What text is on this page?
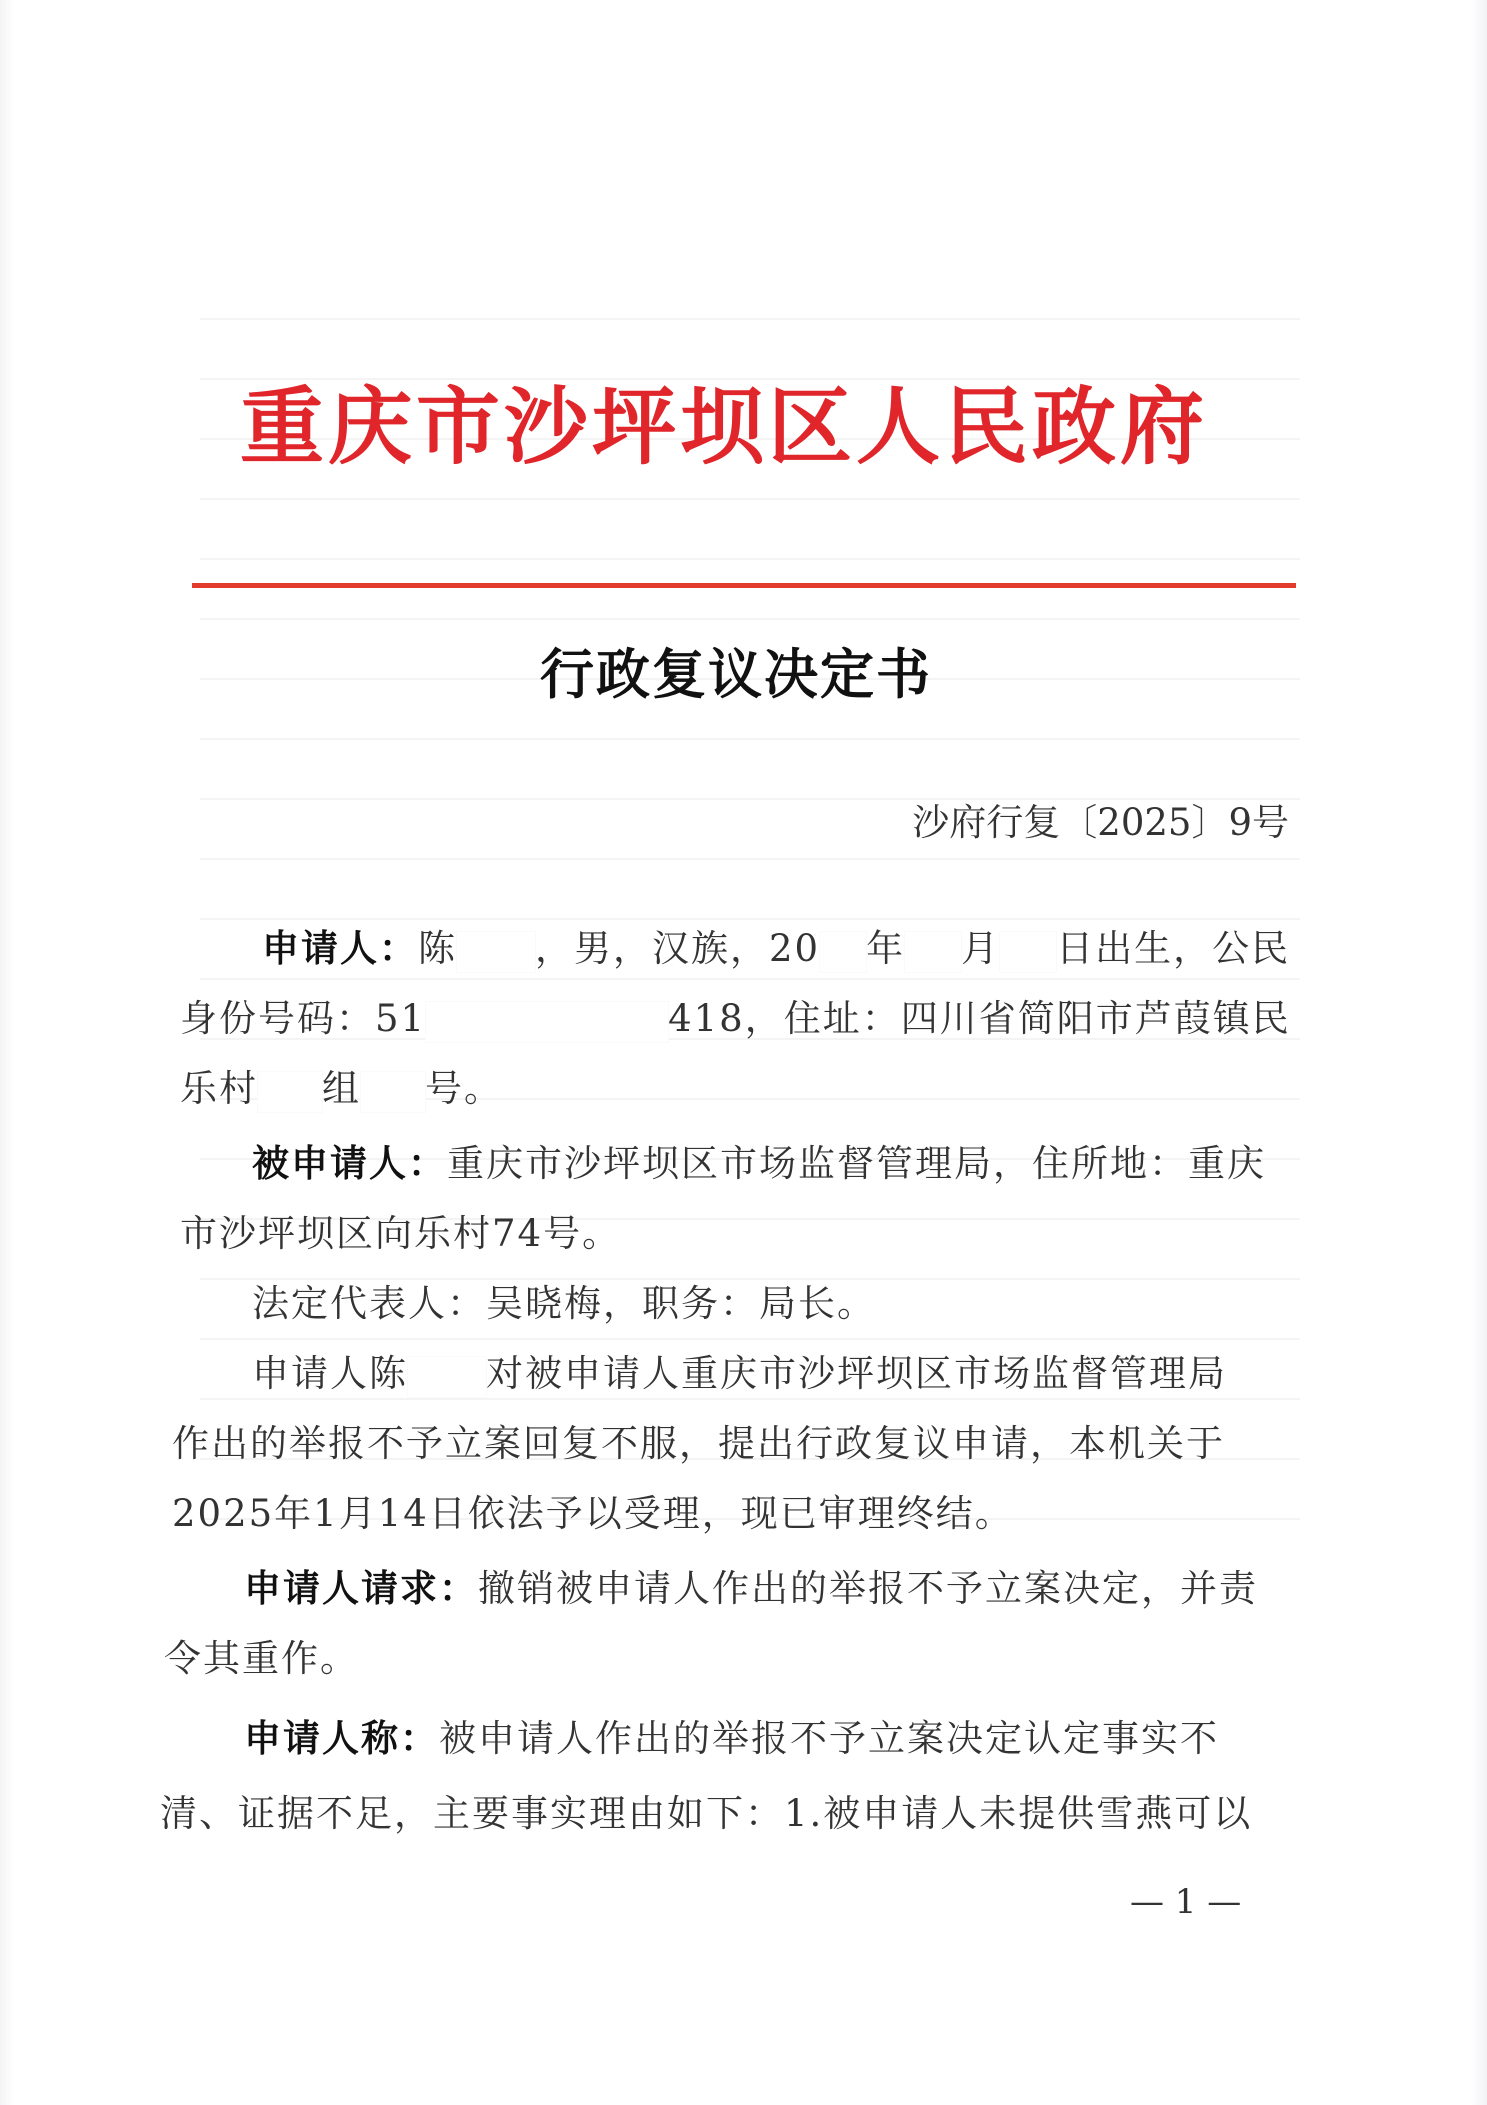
重庆市沙坪坝区人民政府
行政复议决定书
沙府行复〔2025〕9号
申请人：陈 ，男，汉族，20 年 月 日出生，公民
身份号码：51	418，住址：四川省简阳市芦葭镇民
乐村 组 号。
被申请人：重庆市沙坪坝区市场监督管理局，住所地：重庆
市沙坪坝区向乐村74号。
法定代表人：吴晓梅，职务：局长。
申请人陈 对被申请人重庆市沙坪坝区市场监督管理局
作出的举报不予立案回复不服，提出行政复议申请，本机关于
2025年1月14日依法予以受理，现已审理终结。
申请人请求：撤销被申请人作出的举报不予立案决定，并责
令其重作。
申请人称：被申请人作出的举报不予立案决定认定事实不
清、证据不足，主要事实理由如下：1.被申请人未提供雪燕可以
— 1 —
